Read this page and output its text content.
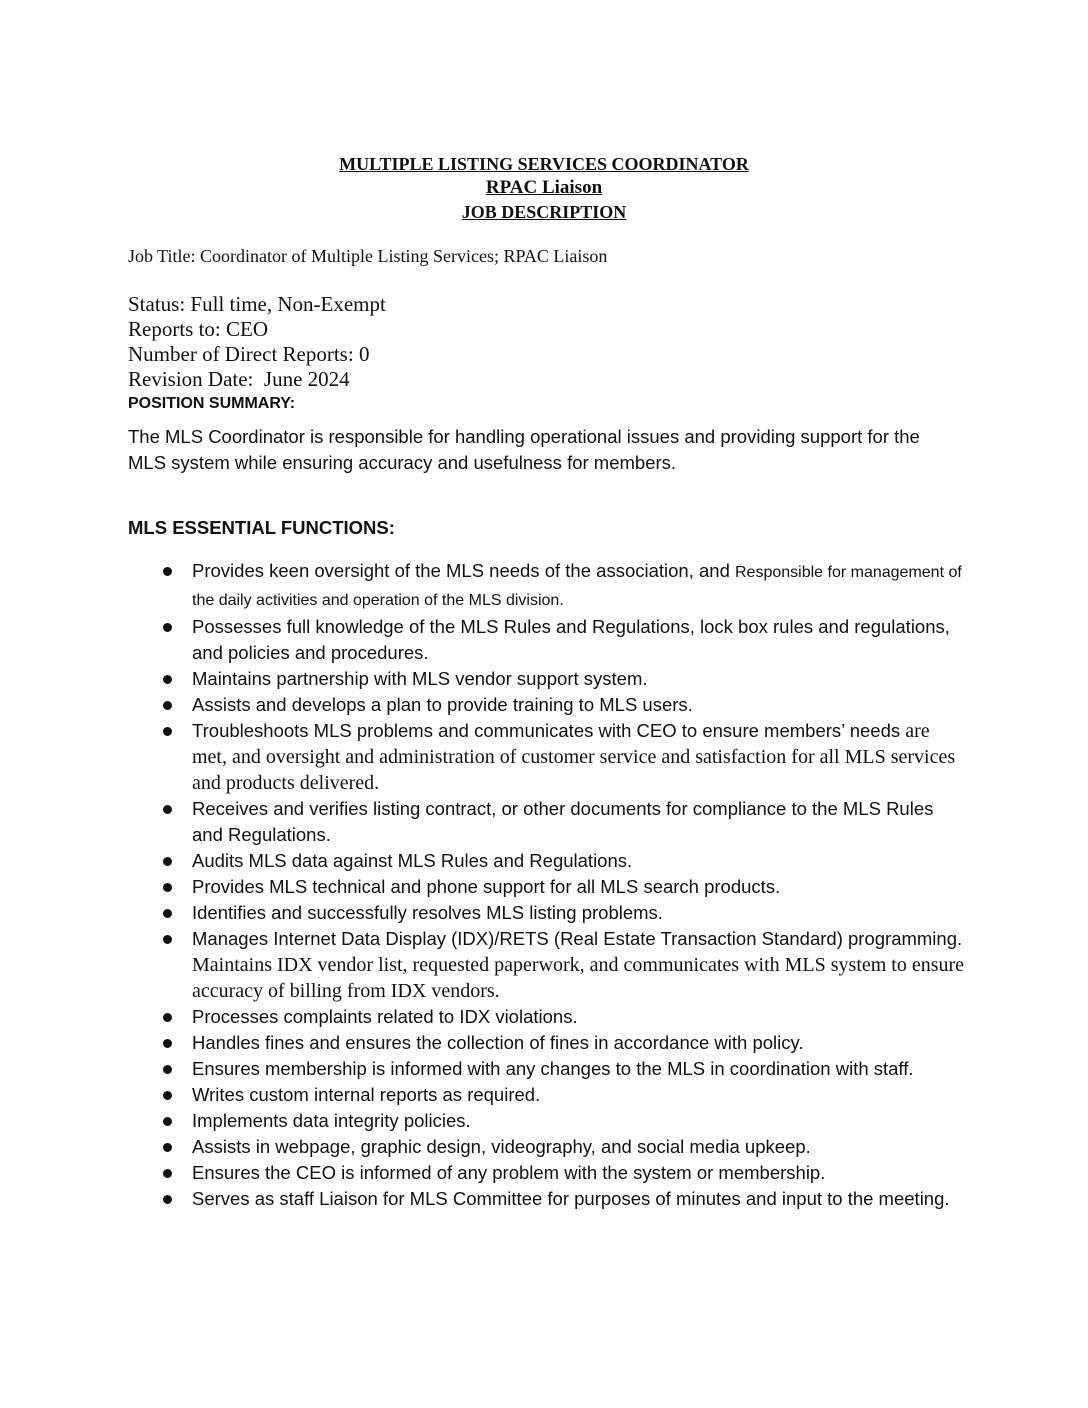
MULTIPLE LISTING SERVICES COORDINATOR
RPAC Liaison
JOB DESCRIPTION
Job Title: Coordinator of Multiple Listing Services; RPAC Liaison
Status: Full time, Non-Exempt
Reports to: CEO
Number of Direct Reports: 0
Revision Date:  June 2024
POSITION SUMMARY:
The MLS Coordinator is responsible for handling operational issues and providing support for the MLS system while ensuring accuracy and usefulness for members.
MLS ESSENTIAL FUNCTIONS:
Provides keen oversight of the MLS needs of the association, and Responsible for management of the daily activities and operation of the MLS division.
Possesses full knowledge of the MLS Rules and Regulations, lock box rules and regulations, and policies and procedures.
Maintains partnership with MLS vendor support system.
Assists and develops a plan to provide training to MLS users.
Troubleshoots MLS problems and communicates with CEO to ensure members’ needs are met, and oversight and administration of customer service and satisfaction for all MLS services and products delivered.
Receives and verifies listing contract, or other documents for compliance to the MLS Rules and Regulations.
Audits MLS data against MLS Rules and Regulations.
Provides MLS technical and phone support for all MLS search products.
Identifies and successfully resolves MLS listing problems.
Manages Internet Data Display (IDX)/RETS (Real Estate Transaction Standard) programming. Maintains IDX vendor list, requested paperwork, and communicates with MLS system to ensure accuracy of billing from IDX vendors.
Processes complaints related to IDX violations.
Handles fines and ensures the collection of fines in accordance with policy.
Ensures membership is informed with any changes to the MLS in coordination with staff.
Writes custom internal reports as required.
Implements data integrity policies.
Assists in webpage, graphic design, videography, and social media upkeep.
Ensures the CEO is informed of any problem with the system or membership.
Serves as staff Liaison for MLS Committee for purposes of minutes and input to the meeting.
